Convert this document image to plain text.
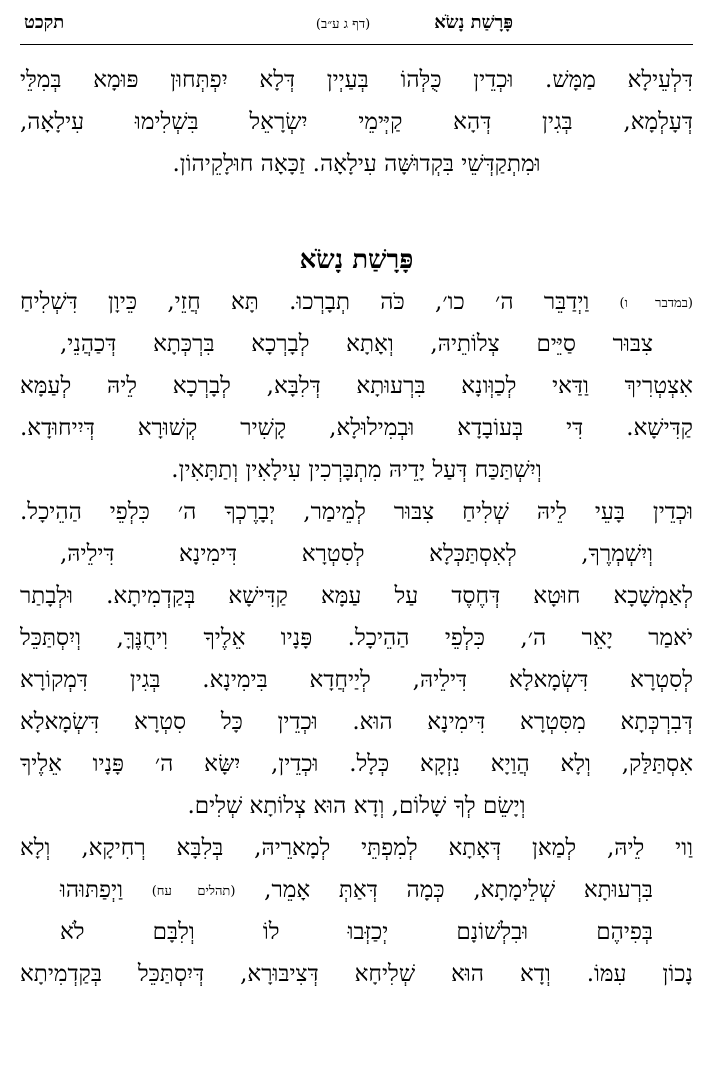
פָּרָשַׁת נָשֹׂא
(דף ג ע״ב)
תקכט
דִּלְעֵילָא מַמָּשׁ. וּכְדֵין כֻּלְּהוֹ בְּעַיְין דְּלָא יִפְתְּחוּן פּוּמָא בְּמִלֵּי
דְּעָלְמָא, בְּגִין דְּהָא קַיְּימֵי יִשְׂרָאֵל בִּשְׁלִימוּ עִילָאָה,
וּמִתְקַדְּשֵׁי בִּקְדוּשָּׁה עִילָאָה. זַכָּאָה חוּלָקֵיהוֹן.
פָּרָשַׁת נָשֹׂא
(במדבר ו) וַיְדַבֵּר ה׳ כו׳, כֹּה תְבָרְכוּ. תָּא חֲזֵי, כֵּיוָן דִּשְׁלִיחַ
צִבּוּר סַיֵּים צְלוֹתֵיהּ, וְאָתָא לְבָרְכָא בִּרְכְּתָא דְּכַהֲנֵי,
אִצְטְרִיךְ וַדַּאי לְכַוְּונָא בִּרְעוּתָא דְּלִבָּא, לְבָרְכָא לֵיהּ לְעַמָּא
קַדִּישָׁא. דִּי בְּעוֹבָדָא וּבְמִילוּלָא, קָשִׁיר קְשׁוּרָא דְּיִיחוּדָא.
וְיִשְׁתַּכַּח דְּעַל יָדֵיהּ מִתְבָּרְכִין עִילָאִין וְתַתָּאִין.
וּכְדֵין בָּעֵי לֵיהּ שְׁלִיחַ צִבּוּר לְמֵימַר, יְבָרֶכְךָ ה׳ כִּלְפֵי הַהֵיכָל.
וְיִשְׁמְרֶךָ, לְאִסְתַּכְּלָא לְסִטְרָא דִּימִינָא דִּילֵיהּ,
לְאַמְשָׁכָא חוּטָא דְּחֶסֶד עַל עַמָּא קַדִּישָׁא בְּקַדְמִיתָא. וּלְבָתַר
יֹאמַר יָאֵר ה׳, כִּלְפֵי הַהֵיכָל. פָּנָיו אֵלֶיךָ וִיחֻנֶּךָּ, וְיִסְתַּכֵּל
לְסִטְרָא דִּשְׂמָאלָא דִּילֵיהּ, לְיַיחֲדָא בִּימִינָא. בְּגִין דִּמְקוֹרָא
דְּבִרְכְּתָא מִסִּטְרָא דִּימִינָא הוּא. וּכְדֵין כָּל סִטְרָא דִּשְׂמָאלָא
אִסְתַּלַּק, וְלָא הֲוַיָא נִזְקָא כְּלָל. וּכְדֵין, יִשָּׂא ה׳ פָּנָיו אֵלֶיךָ
וְיָשֵׂם לְךָ שָׁלוֹם, וְדָא הוּא צְלוֹתָא שְׁלִים.
וַוי לֵיהּ, לְמַאן דְּאָתָא לְמִפְתֵּי לְמָארֵיהּ, בְּלִבָּא רְחִיקָא, וְלָא
בִּרְעוּתָא שְׁלֵימָתָא, כְּמָה דְּאַתְּ אָמֵר, (תהלים עח) וַיְפַתּוּהוּ
בְּפִיהֶם וּבִלְשׁוֹנָם יְכַזְּבוּ לוֹ וְלִבָּם לֹא
נָכוֹן עִמּוֹ. וְדָא הוּא שְׁלִיחָא דְּצִיבּוּרָא, דְּיִסְתַּכֵּל בְּקַדְמִיתָא
